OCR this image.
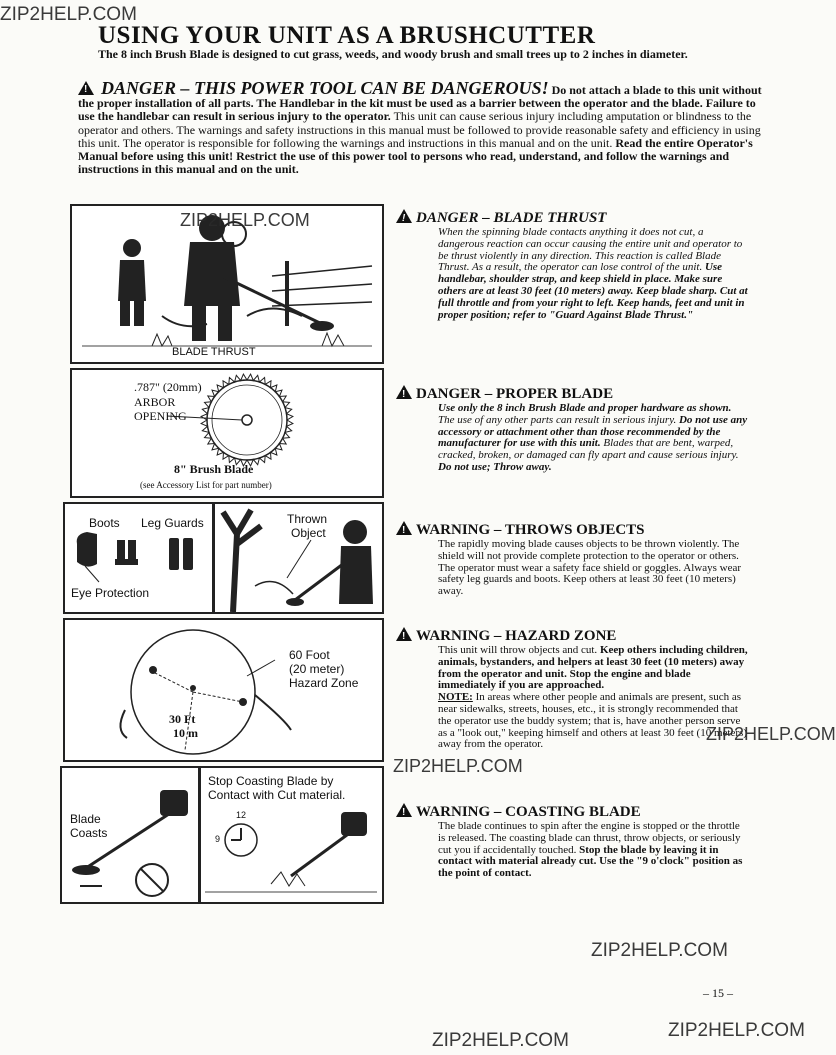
USING YOUR UNIT AS A BRUSHCUTTER
The 8 inch Brush Blade is designed to cut grass, weeds, and woody brush and small trees up to 2 inches in diameter.
! DANGER – THIS POWER TOOL CAN BE DANGEROUS! Do not attach a blade to this unit without the proper installation of all parts. The Handlebar in the kit must be used as a barrier between the operator and the blade. Failure to use the handlebar can result in serious injury to the operator. This unit can cause serious injury including amputation or blindness to the operator and others. The warnings and safety instructions in this manual must be followed to provide reasonable safety and efficiency in using this unit. The operator is responsible for following the warnings and instructions in this manual and on the unit. Read the entire Operator's Manual before using this unit! Restrict the use of this power tool to persons who read, understand, and follow the warnings and instructions in this manual and on the unit.
BLADE THRUST
.787" (20mm)
ARBOR
OPENING
8" Brush Blade
(see Accessory List for part number)
Boots Leg Guards
Eye Protection
Thrown
Object
60 Foot
(20 meter)
Hazard Zone
30 Ft
10 m
Blade
Coasts
Stop Coasting Blade by
Contact with Cut material.
12
9
!DANGER – BLADE THRUST
When the spinning blade contacts anything it does not cut, a dangerous reaction can occur causing the entire unit and operator to be thrust violently in any direction. This reaction is called Blade Thrust. As a result, the operator can lose control of the unit. Use handlebar, shoulder strap, and keep shield in place. Make sure others are at least 30 feet (10 meters) away. Keep blade sharp. Cut at full throttle and from your right to left. Keep hands, feet and unit in proper position; refer to "Guard Against Blade Thrust."
!DANGER – PROPER BLADE
Use only the 8 inch Brush Blade and proper hardware as shown. The use of any other parts can result in serious injury. Do not use any accessory or attachment other than those recommended by the manufacturer for use with this unit. Blades that are bent, warped, cracked, broken, or damaged can fly apart and cause serious injury. Do not use; Throw away.
!WARNING – THROWS OBJECTS
The rapidly moving blade causes objects to be thrown violently. The shield will not provide complete protection to the operator or others. The operator must wear a safety face shield or goggles. Always wear safety leg guards and boots. Keep others at least 30 feet (10 meters) away.
!WARNING – HAZARD ZONE
This unit will throw objects and cut. Keep others including children, animals, bystanders, and helpers at least 30 feet (10 meters) away from the operator and unit. Stop the engine and blade immediately if you are approached.
NOTE: In areas where other people and animals are present, such as near sidewalks, streets, houses, etc., it is strongly recommended that the operator use the buddy system; that is, have another person serve as a "look out," keeping himself and others at least 30 feet (10 meters) away from the operator.
!WARNING – COASTING BLADE
The blade continues to spin after the engine is stopped or the throttle is released. The coasting blade can thrust, throw objects, or seriously cut you if accidentally touched. Stop the blade by leaving it in contact with material already cut. Use the "9 o'clock" position as the point of contact.
– 15 –
ZIP2HELP.COM
ZIP2HELP.COM
ZIP2HELP.COM
ZIP2HELP.COM
ZIP2HELP.COM
ZIP2HELP.COM
ZIP2HELP.COM
